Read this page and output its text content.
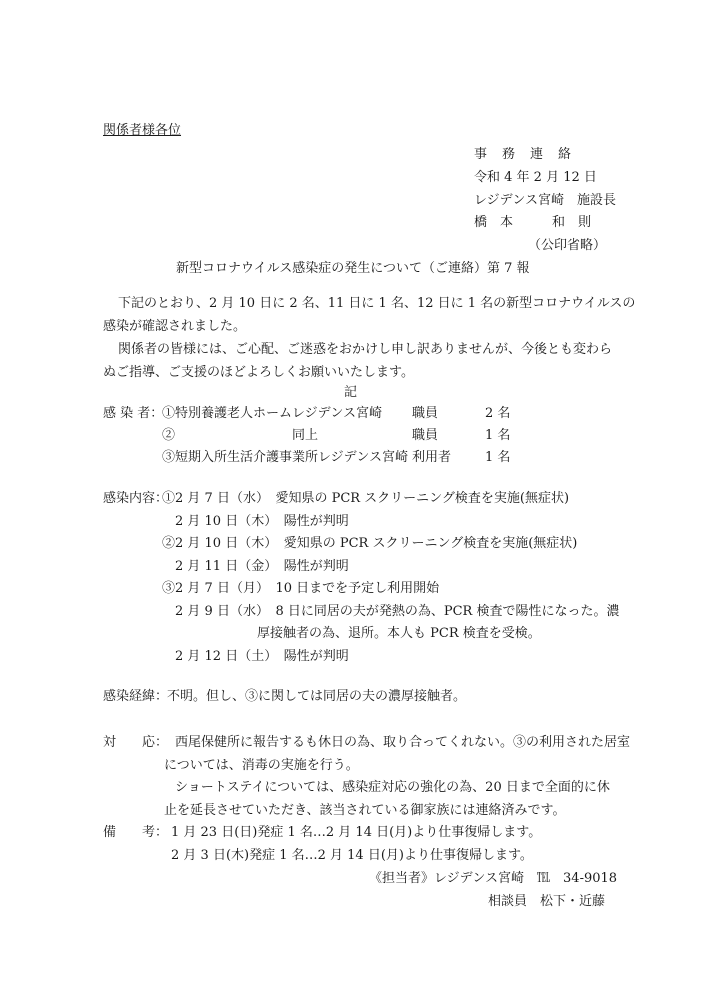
関係者様各位
事　務　連　絡
令和 4 年 2 月 12 日
レジデンス宮崎　施設長
橋　本　　　和　則
（公印省略）
新型コロナウイルス感染症の発生について（ご連絡）第 7 報
下記のとおり、2 月 10 日に 2 名、11 日に 1 名、12 日に 1 名の新型コロナウイルスの
感染が確認されました。
関係者の皆様には、ご心配、ご迷惑をおかけし申し訳ありませんが、今後とも変わら
ぬご指導、ご支援のほどよろしくお願いいたします。
記
感 染 者：
①特別養護老人ホームレジデンス宮崎 職員	2 名
②　　　　　　　　　同上	職員	1 名
③短期入所生活介護事業所レジデンス宮崎 利用者	1 名
感染内容：
①2 月 7 日（水）　愛知県の PCR スクリーニング検査を実施(無症状)
2 月 10 日（木）　陽性が判明
②2 月 10 日（木）　愛知県の PCR スクリーニング検査を実施(無症状)
2 月 11 日（金）　陽性が判明
③2 月 7 日（月）　10 日までを予定し利用開始
2 月 9 日（水）　8 日に同居の夫が発熱の為、PCR 検査で陽性になった。濃
厚接触者の為、退所。本人も PCR 検査を受検。
2 月 12 日（土）　陽性が判明
感染経緯：
不明。但し、③に関しては同居の夫の濃厚接触者。
対　　応： 西尾保健所に報告するも休日の為、取り合ってくれない。③の利用された居室
については、消毒の実施を行う。
ショートステイについては、感染症対応の強化の為、20 日まで全面的に休
止を延長させていただき、該当されている御家族には連絡済みです。
備　　考： 1 月 23 日(日)発症 1 名…2 月 14 日(月)より仕事復帰します。
2 月 3 日(木)発症 1 名…2 月 14 日(月)より仕事復帰します。
《担当者》レジデンス宮崎　℡　34-9018
相談員　松下・近藤
